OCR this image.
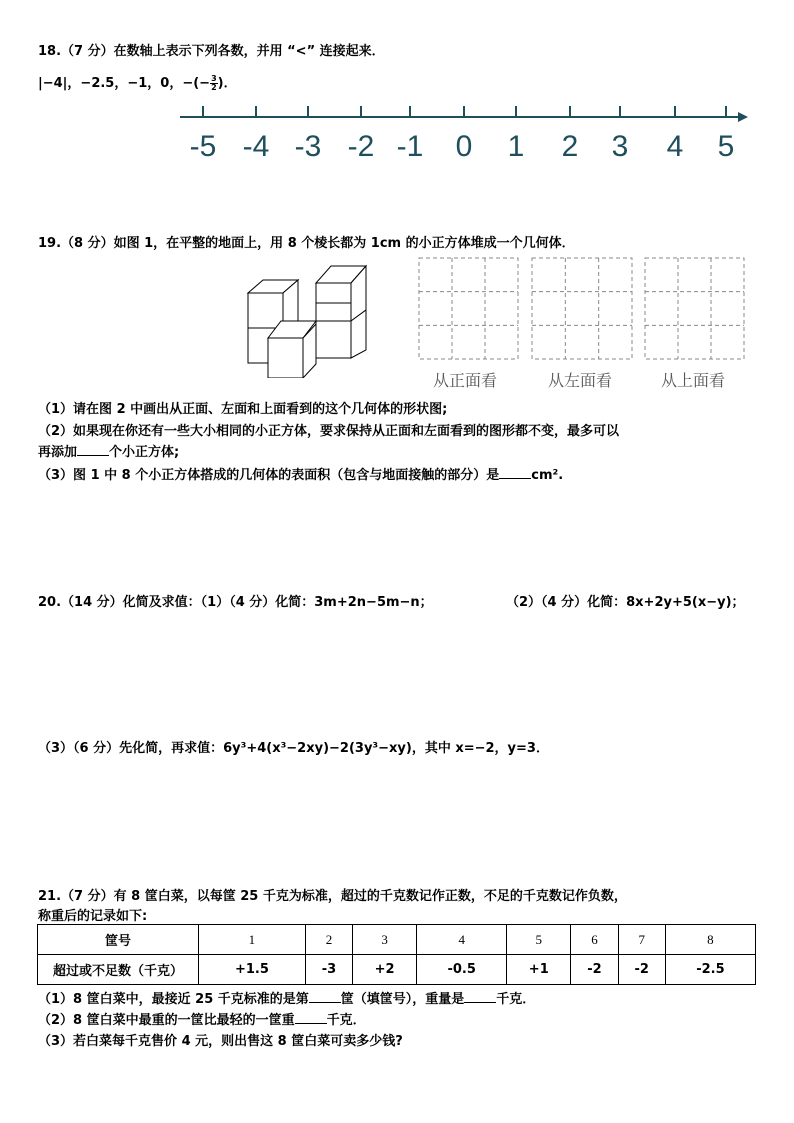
18.（7 分）在数轴上表示下列各数，并用 “<” 连接起来．
|−4|，−2.5，−1，0，−(− $\frac{3}{2}$ )．
-5 -4 -3 -2 -1 0 1 2 3 4 5
19.（8 分）如图 1，在平整的地面上，用 8 个棱长都为 1cm 的小正方体堆成一个几何体．
从正面看	从左面看	从上面看
（1）请在图 2 中画出从正面、左面和上面看到的这个几何体的形状图;
（2）如果现在你还有一些大小相同的小正方体，要求保持从正面和左面看到的图形都不变，最多可以
再添加 个小正方体;
（3）图 1 中 8 个小正方体搭成的几何体的表面积（包含与地面接触的部分）是 cm².
20.（14 分）化简及求值：（1）（4 分）化简：3m+2n−5m−n；	（2）（4 分）化简：8x+2y+5(x−y)；
（3）（6 分）先化简，再求值：6y³+4(x³−2xy)−2(3y³−xy)，其中 x=−2，y=3．
21.（7 分）有 8 筐白菜，以每筐 25 千克为标准，超过的千克数记作正数，不足的千克数记作负数，
称重后的记录如下:
筐号	1	2	3	4	5	6	7	8
超过或不足数（千克）	+1.5	-3	+2	-0.5	+1	-2	-2	-2.5
（1）8 筐白菜中，最接近 25 千克标准的是第 筐（填筐号），重量是 千克．
（2）8 筐白菜中最重的一筐比最轻的一筐重 千克．
（3）若白菜每千克售价 4 元，则出售这 8 筐白菜可卖多少钱?
